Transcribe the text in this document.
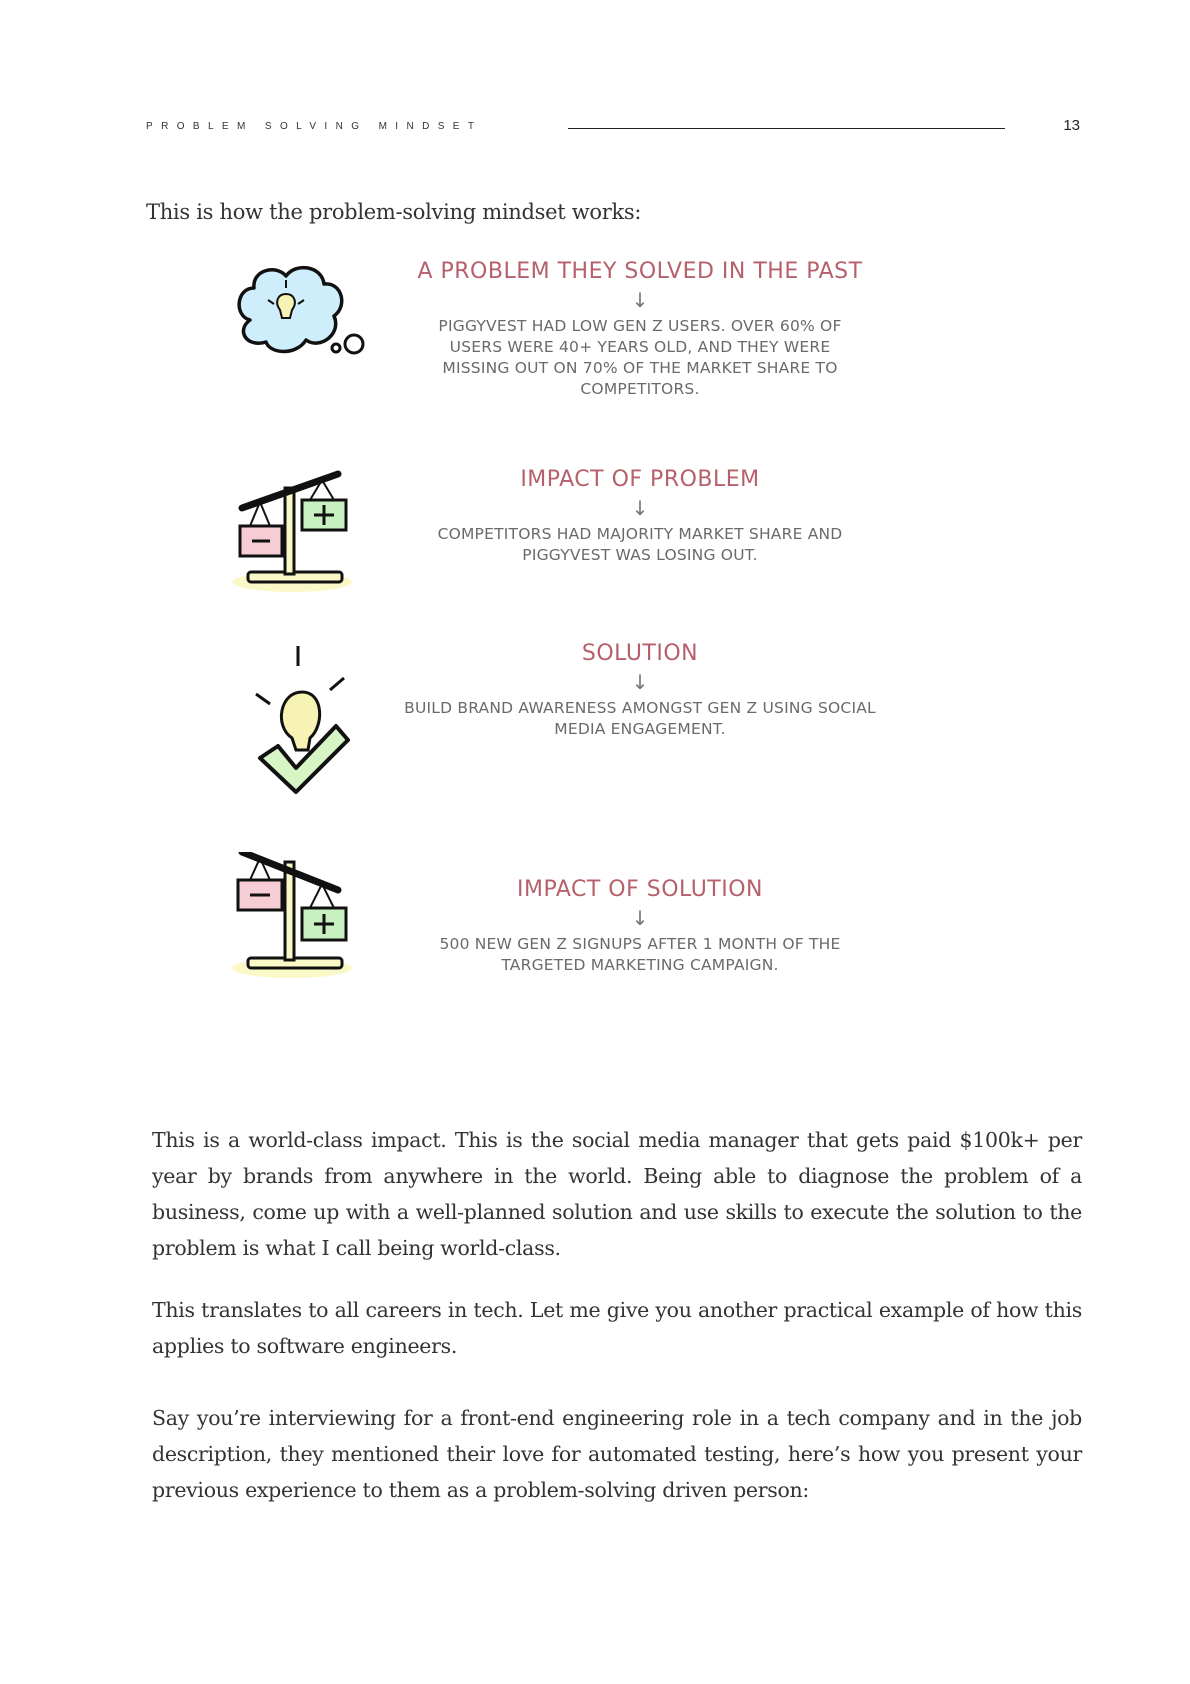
PROBLEM SOLVING MINDSET	13

This is how the problem-solving mindset works:

A PROBLEM THEY SOLVED IN THE PAST
↓

PIGGYVEST HAD LOW GEN Z USERS. OVER 60% OF USERS WERE 40+ YEARS OLD, AND THEY WERE MISSING OUT ON 70% OF THE MARKET SHARE TO COMPETITORS.

IMPACT OF PROBLEM
↓

COMPETITORS HAD MAJORITY MARKET SHARE AND PIGGYVEST WAS LOSING OUT.

SOLUTION
↓

BUILD BRAND AWARENESS AMONGST GEN Z USING SOCIAL MEDIA ENGAGEMENT.

IMPACT OF SOLUTION
↓

500 NEW GEN Z SIGNUPS AFTER 1 MONTH OF THE TARGETED MARKETING CAMPAIGN.

This is a world-class impact. This is the social media manager that gets paid $100k+ per year by brands from anywhere in the world. Being able to diagnose the problem of a business, come up with a well-planned solution and use skills to execute the solution to the problem is what I call being world-class.

This translates to all careers in tech. Let me give you another practical example of how this applies to software engineers.

Say you’re interviewing for a front-end engineering role in a tech company and in the job description, they mentioned their love for automated testing, here’s how you present your previous experience to them as a problem-solving driven person:
